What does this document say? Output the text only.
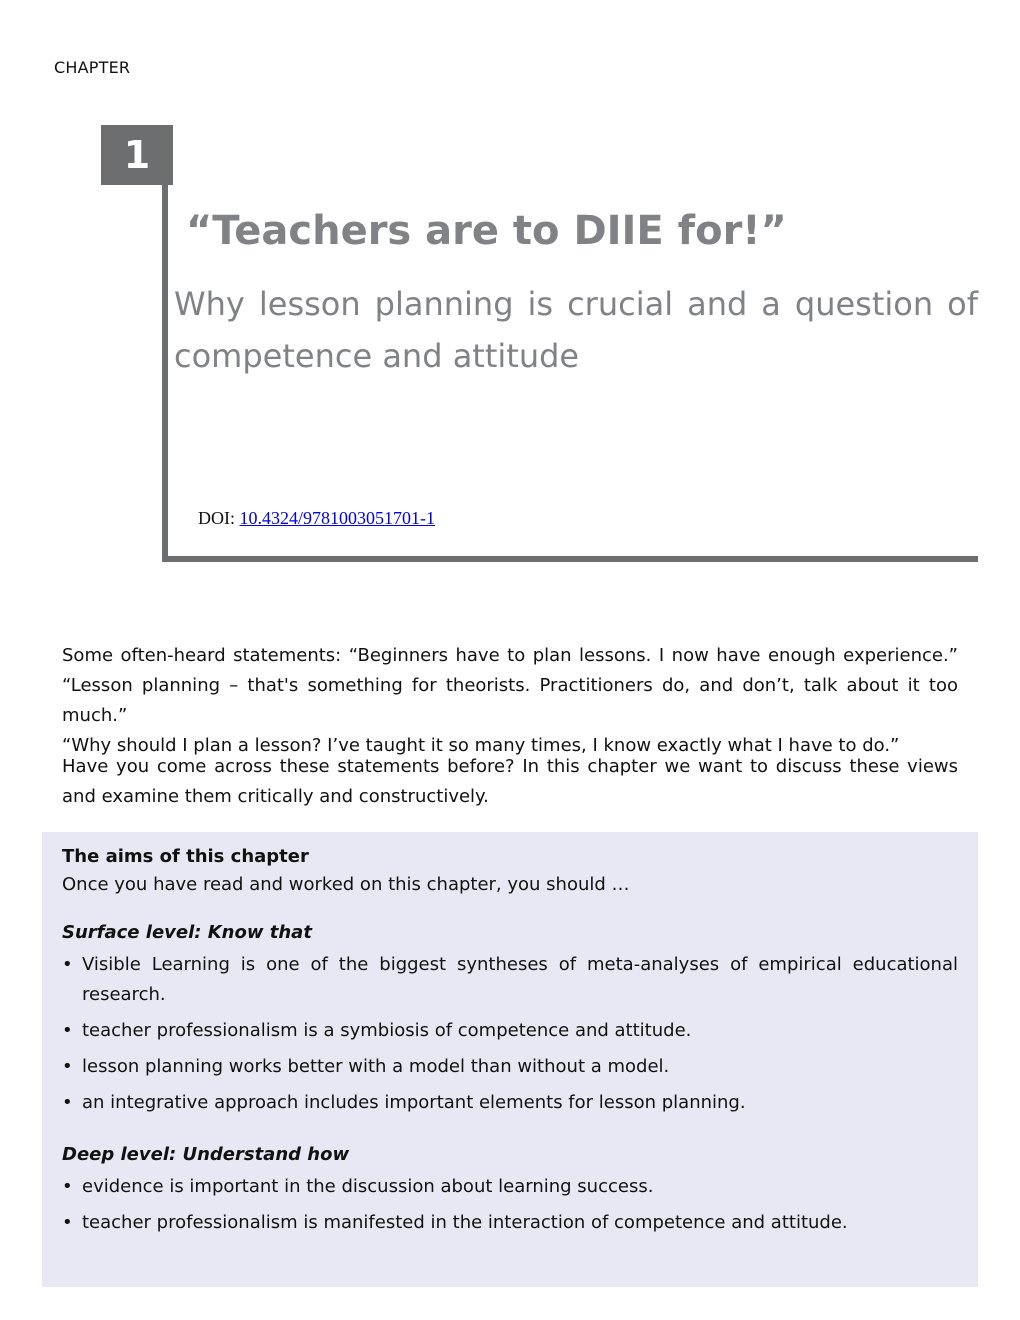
CHAPTER
1
“Teachers are to DIIE for!”
Why lesson planning is crucial and a question of competence and attitude
DOI: 10.4324/9781003051701-1

Some often-heard statements: “Beginners have to plan lessons. I now have enough experience.”
“Lesson planning – that's something for theorists. Practitioners do, and don’t, talk about it too much.”
“Why should I plan a lesson? I’ve taught it so many times, I know exactly what I have to do.”

Have you come across these statements before? In this chapter we want to discuss these views and examine them critically and constructively.

The aims of this chapter

Once you have read and worked on this chapter, you should …

Surface level: Know that

• Visible Learning is one of the biggest syntheses of meta-analyses of empirical educational research.
• teacher professionalism is a symbiosis of competence and attitude.
• lesson planning works better with a model than without a model.
• an integrative approach includes important elements for lesson planning.

Deep level: Understand how

• evidence is important in the discussion about learning success.
• teacher professionalism is manifested in the interaction of competence and attitude.
